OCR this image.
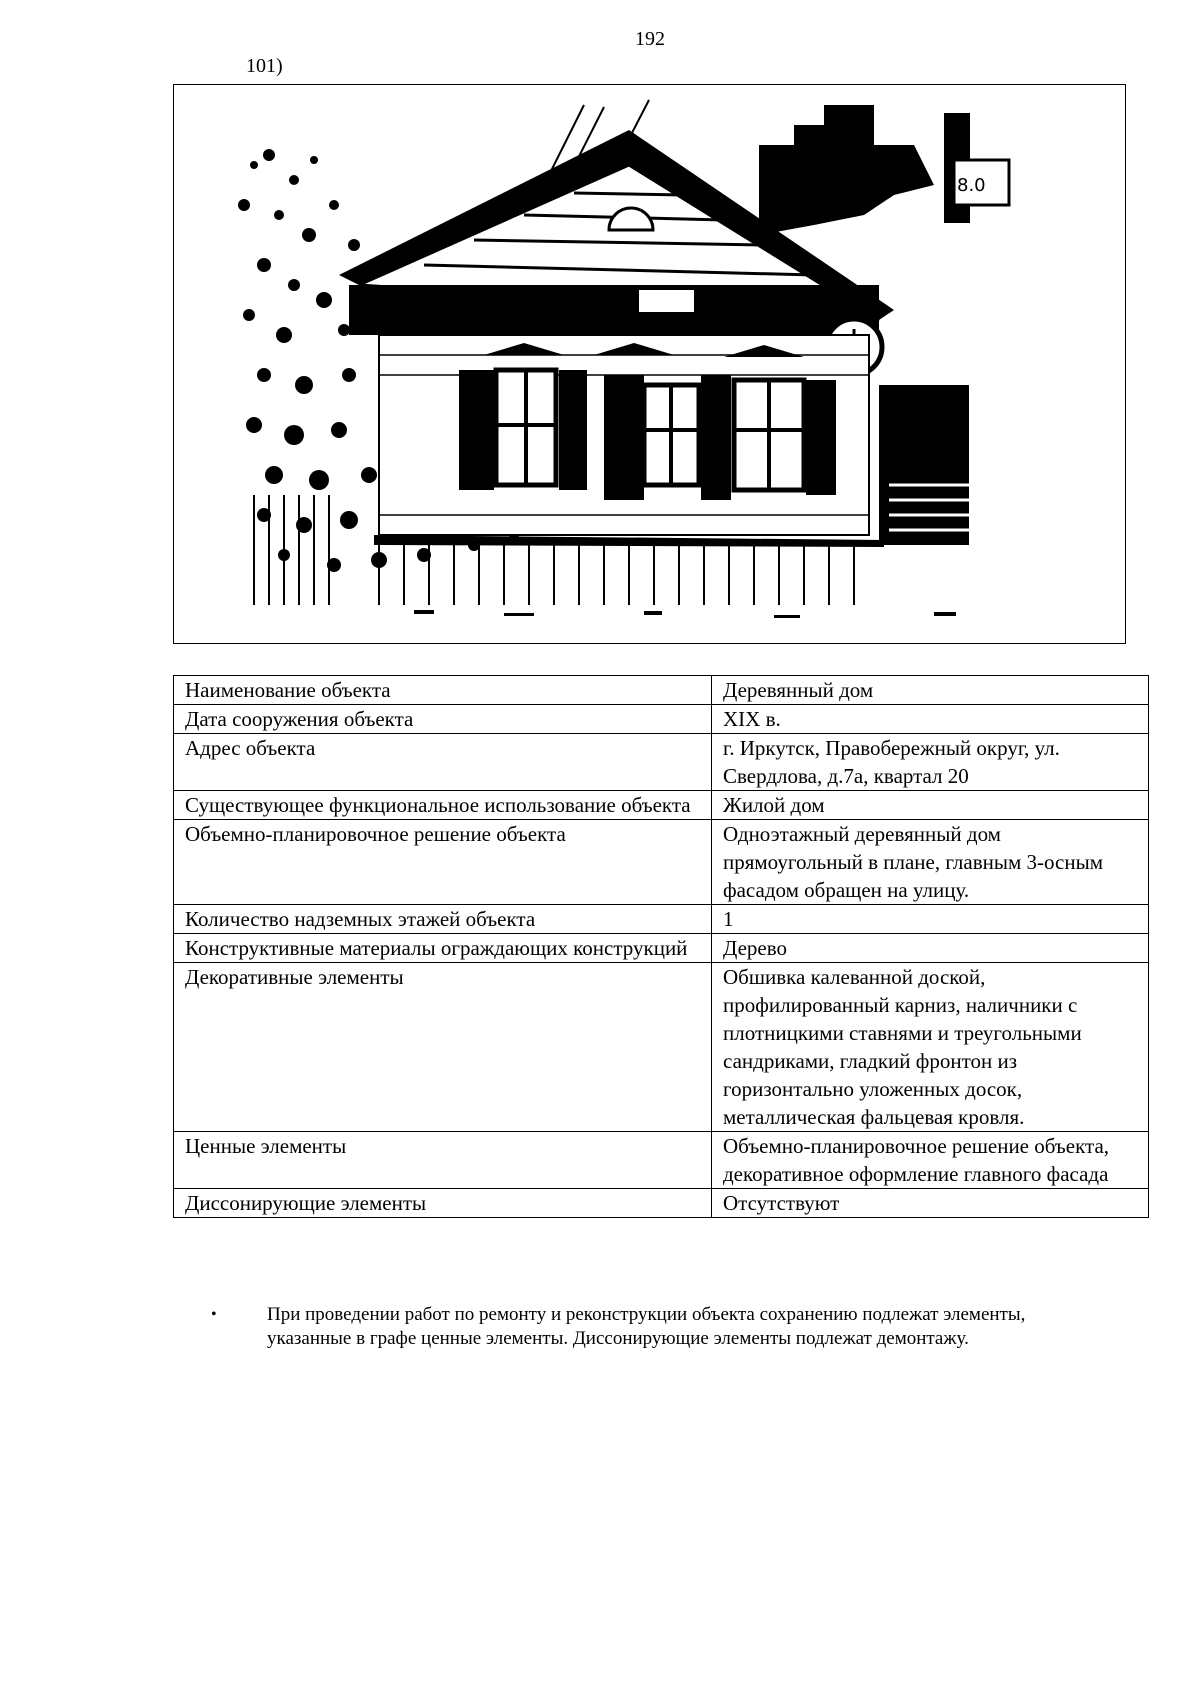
192
101)
8.0
Наименование объекта	Деревянный дом
Дата сооружения объекта	XIX в.
Адрес объекта	г. Иркутск, Правобережный округ, ул. Свердлова, д.7а, квартал 20
Существующее функциональное использование объекта	Жилой дом
Объемно-планировочное решение объекта	Одноэтажный деревянный дом прямоугольный в плане, главным 3-осным фасадом обращен на улицу.
Количество надземных этажей объекта	1
Конструктивные материалы ограждающих конструкций	Дерево
Декоративные элементы	Обшивка калеванной доской, профилированный карниз, наличники с плотницкими ставнями и треугольными сандриками, гладкий фронтон из горизонтально уложенных досок, металлическая фальцевая кровля.
Ценные элементы	Объемно-планировочное решение объекта, декоративное оформление главного фасада
Диссонирующие элементы	Отсутствуют
•	При проведении работ по ремонту и реконструкции объекта сохранению подлежат элементы, указанные в графе ценные элементы. Диссонирующие элементы подлежат демонтажу.
